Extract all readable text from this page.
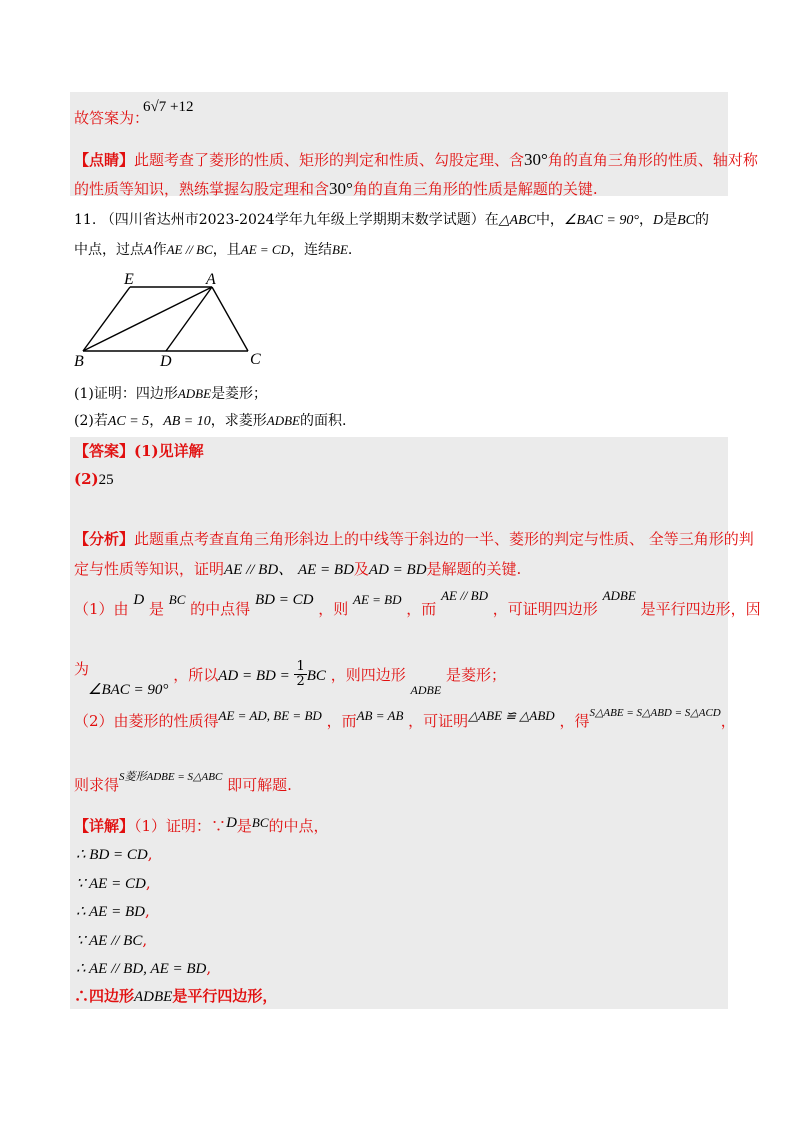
故答案为：
6√7 +12
【点睛】此题考查了菱形的性质、矩形的判定和性质、勾股定理、含30°角的直角三角形的性质、轴对称
的性质等知识，熟练掌握勾股定理和含30°角的直角三角形的性质是解题的关键.
11. （四川省达州市2023-2024学年九年级上学期期末数学试题）在△ABC中，∠BAC = 90°，D是BC的
中点，过点A作AE // BC，且AE = CD，连结BE.
E	A
B	D	C
(1)证明：四边形ADBE是菱形；
(2)若AC = 5，AB = 10，求菱形ADBE的面积.
【答案】(1)见详解
(2)25
【分析】此题重点考查直角三角形斜边上的中线等于斜边的一半、菱形的判定与性质、 全等三角形的判
定与性质等知识，证明AE // BD、 AE = BD及AD = BD是解题的关键.
（1）由 D 是 BC 的中点得 BD = CD ，则 AE = BD ，而 AE // BD ，可证明四边形 ADBE 是平行四边形，因
为
∠BAC = 90° ，所以AD = BD = $\frac{1}{2}$ BC ，则四边形 $_{ADBE}$ 是菱形；
（2）由菱形的性质得AE = AD, BE = BD ，而AB = AB ，可证明△ABE ≌ △ABD ，得$^{S\triangle ABE = S\triangle ABD = S\triangle ACD}$，
则求得$^{S菱形ADBE = S\triangle ABC}$ 即可解题.
【详解】（1）证明：∵D是BC的中点，
∴ BD = CD,
∵ AE = CD,
∴ AE = BD,
∵ AE // BC,
∴ AE // BD, AE = BD,
∴四边形ADBE是平行四边形，
